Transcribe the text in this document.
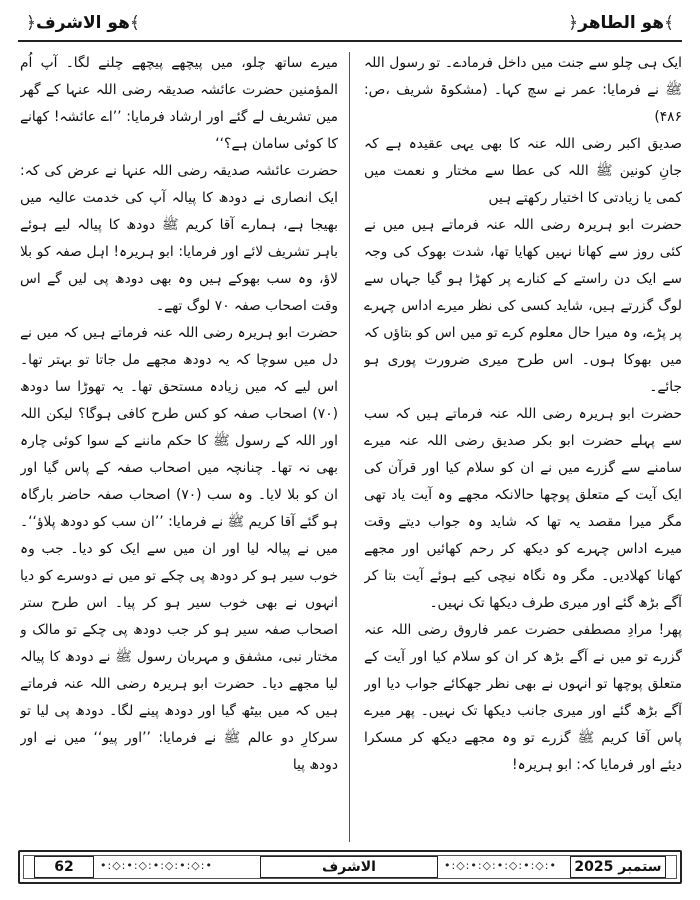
﴾ھو الطاھر﴿
﴾ھو الاشرف﴿

ایک ہی چلو سے جنت میں داخل فرمادے۔ تو رسول اللہ ﷺ نے فرمایا: عمر نے سچ کہا۔ (مشکوۃ شریف ،ص: ۴۸۶)

صدیق اکبر رضی اللہ عنہ کا بھی یہی عقیدہ ہے کہ جانِ کونین ﷺ اللہ کی عطا سے مختار و نعمت میں کمی یا زیادتی کا اختیار رکھتے ہیں

حضرت ابو ہریرہ رضی اللہ عنہ فرماتے ہیں میں نے کئی روز سے کھانا نہیں کھایا تھا، شدت بھوک کی وجہ سے ایک دن راستے کے کنارے پر کھڑا ہو گیا جہاں سے لوگ گزرتے ہیں، شاید کسی کی نظر میرے اداس چہرے پر پڑے، وہ میرا حال معلوم کرے تو میں اس کو بتاؤں کہ میں بھوکا ہوں۔ اس طرح میری ضرورت پوری ہو جائے۔

حضرت ابو ہریرہ رضی اللہ عنہ فرماتے ہیں کہ سب سے پہلے حضرت ابو بکر صدیق رضی اللہ عنہ میرے سامنے سے گزرے میں نے ان کو سلام کیا اور قرآن کی ایک آیت کے متعلق پوچھا حالانکہ مجھے وہ آیت یاد تھی مگر میرا مقصد یہ تھا کہ شاید وہ جواب دیتے وقت میرے اداس چہرے کو دیکھ کر رحم کھائیں اور مجھے کھانا کھلادیں۔ مگر وہ نگاہ نیچی کیے ہوئے آیت بتا کر آگے بڑھ گئے اور میری طرف دیکھا تک نہیں۔

پھر! مرادِ مصطفی حضرت عمر فاروق رضی اللہ عنہ گزرے تو میں نے آگے بڑھ کر ان کو سلام کیا اور آیت کے متعلق پوچھا تو انہوں نے بھی نظر جھکائے جواب دیا اور آگے بڑھ گئے اور میری جانب دیکھا تک نہیں۔ پھر میرے پاس آقا کریم ﷺ گزرے تو وہ مجھے دیکھ کر مسکرا دیئے اور فرمایا کہ: ابو ہریرہ!

میرے ساتھ چلو، میں پیچھے پیچھے چلنے لگا۔ آپ اُم المؤمنین حضرت عائشہ صدیقہ رضی اللہ عنہا کے گھر میں تشریف لے گئے اور ارشاد فرمایا: ’’اے عائشہ! کھانے کا کوئی سامان ہے؟‘‘

حضرت عائشہ صدیقہ رضی اللہ عنہا نے عرض کی کہ: ایک انصاری نے دودھ کا پیالہ آپ کی خدمت عالیہ میں بھیجا ہے، ہمارے آقا کریم ﷺ دودھ کا پیالہ لیے ہوئے باہر تشریف لائے اور فرمایا: ابو ہریرہ! اہل صفہ کو بلا لاؤ، وہ سب بھوکے ہیں وہ بھی دودھ پی لیں گے اس وقت اصحاب صفہ ۷۰ لوگ تھے۔

حضرت ابو ہریرہ رضی اللہ عنہ فرماتے ہیں کہ میں نے دل میں سوچا کہ یہ دودھ مجھے مل جاتا تو بہتر تھا۔ اس لیے کہ میں زیادہ مستحق تھا۔ یہ تھوڑا سا دودھ (۷۰) اصحاب صفہ کو کس طرح کافی ہوگا؟ لیکن اللہ اور اللہ کے رسول ﷺ کا حکم ماننے کے سوا کوئی چارہ بھی نہ تھا۔ چنانچہ میں اصحاب صفہ کے پاس گیا اور ان کو بلا لایا۔ وہ سب (۷۰) اصحاب صفہ حاضر بارگاہ ہو گئے آقا کریم ﷺ نے فرمایا: ’’ان سب کو دودھ پلاؤ‘‘۔ میں نے پیالہ لیا اور ان میں سے ایک کو دیا۔ جب وہ خوب سیر ہو کر دودھ پی چکے تو میں نے دوسرے کو دیا انہوں نے بھی خوب سیر ہو کر پیا۔ اس طرح ستر اصحاب صفہ سیر ہو کر جب دودھ پی چکے تو مالک و مختار نبی، مشفق و مہربان رسول ﷺ نے دودھ کا پیالہ لیا مجھے دیا۔ حضرت ابو ہریرہ رضی اللہ عنہ فرماتے ہیں کہ میں بیٹھ گیا اور دودھ پینے لگا۔ دودھ پی لیا تو سرکارِ دو عالم ﷺ نے فرمایا: ’’اور پیو‘‘ میں نے اور دودھ پیا

62	•:◇:•:◇:•:◇:•:◇:•	الاشرف	•:◇:•:◇:•:◇:•:◇:•	ستمبر 2025
